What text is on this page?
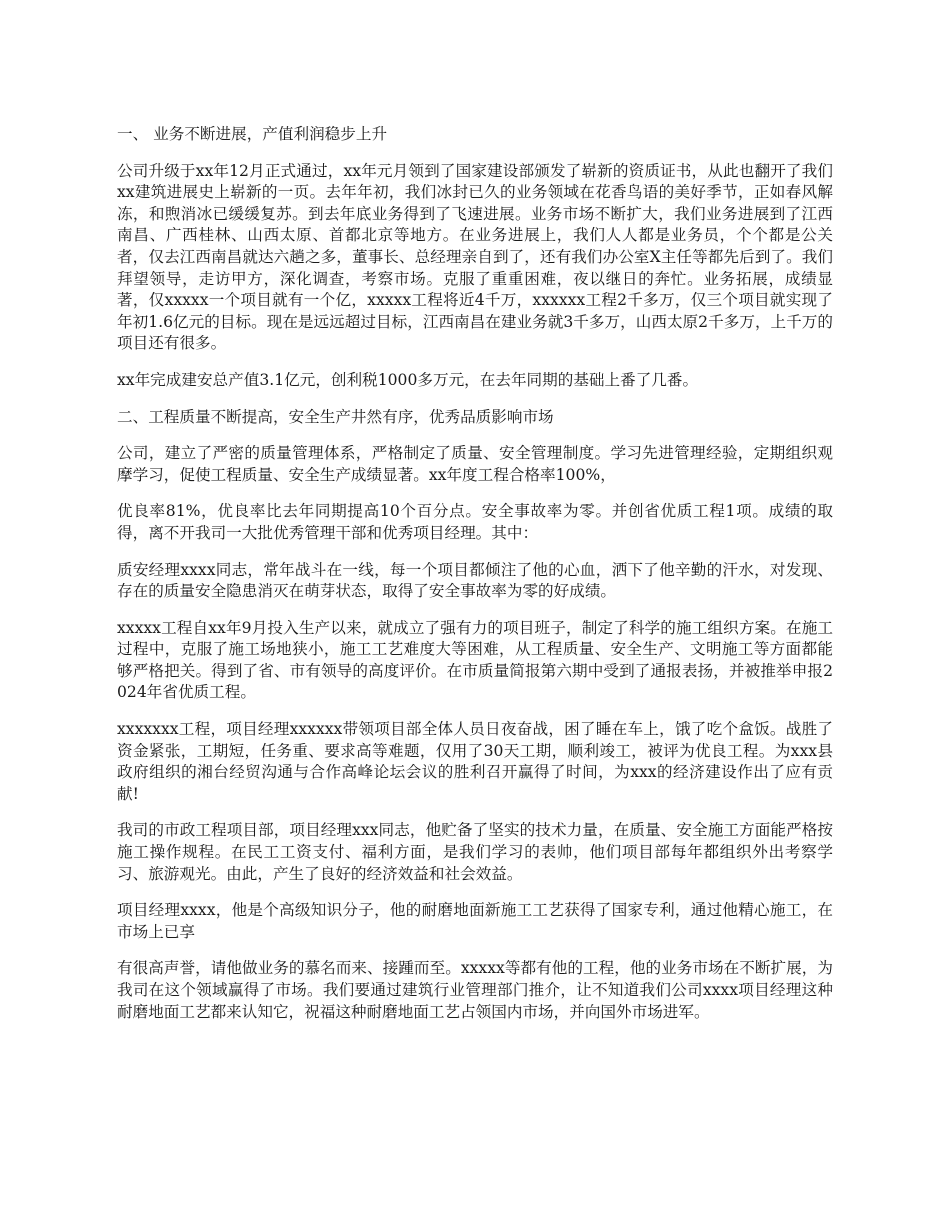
一、 业务不断进展，产值利润稳步上升

公司升级于xx年12月正式通过，xx年元月领到了国家建设部颁发了崭新的资质证书，从此也翻开了我们xx建筑进展史上崭新的一页。去年年初，我们冰封已久的业务领域在花香鸟语的美好季节，正如春风解冻，和煦消冰已缓缓复苏。到去年底业务得到了飞速进展。业务市场不断扩大，我们业务进展到了江西南昌、广西桂林、山西太原、首都北京等地方。在业务进展上，我们人人都是业务员，个个都是公关者，仅去江西南昌就达六趟之多，董事长、总经理亲自到了，还有我们办公室X主任等都先后到了。我们拜望领导，走访甲方，深化调查，考察市场。克服了重重困难，夜以继日的奔忙。业务拓展，成绩显著，仅xxxxx一个项目就有一个亿，xxxxx工程将近4千万，xxxxxx工程2千多万，仅三个项目就实现了年初1.6亿元的目标。现在是远远超过目标，江西南昌在建业务就3千多万，山西太原2千多万，上千万的项目还有很多。

xx年完成建安总产值3.1亿元，创利税1000多万元，在去年同期的基础上番了几番。

二、工程质量不断提高，安全生产井然有序，优秀品质影响市场

公司，建立了严密的质量管理体系，严格制定了质量、安全管理制度。学习先进管理经验，定期组织观摩学习，促使工程质量、安全生产成绩显著。xx年度工程合格率100%，

优良率81%，优良率比去年同期提高10个百分点。安全事故率为零。并创省优质工程1项。成绩的取得，离不开我司一大批优秀管理干部和优秀项目经理。其中：

质安经理xxxx同志，常年战斗在一线，每一个项目都倾注了他的心血，洒下了他辛勤的汗水，对发现、存在的质量安全隐患消灭在萌芽状态，取得了安全事故率为零的好成绩。

xxxxx工程自xx年9月投入生产以来，就成立了强有力的项目班子，制定了科学的施工组织方案。在施工过程中，克服了施工场地狭小，施工工艺难度大等困难，从工程质量、安全生产、文明施工等方面都能够严格把关。得到了省、市有领导的高度评价。在市质量简报第六期中受到了通报表扬，并被推举申报2024年省优质工程。

xxxxxxx工程，项目经理xxxxxx带领项目部全体人员日夜奋战，困了睡在车上，饿了吃个盒饭。战胜了资金紧张，工期短，任务重、要求高等难题，仅用了30天工期，顺利竣工，被评为优良工程。为xxx县政府组织的湘台经贸沟通与合作高峰论坛会议的胜利召开赢得了时间，为xxx的经济建设作出了应有贡献!

我司的市政工程项目部，项目经理xxx同志，他贮备了坚实的技术力量，在质量、安全施工方面能严格按施工操作规程。在民工工资支付、福利方面，是我们学习的表帅，他们项目部每年都组织外出考察学习、旅游观光。由此，产生了良好的经济效益和社会效益。

项目经理xxxx，他是个高级知识分子，他的耐磨地面新施工工艺获得了国家专利，通过他精心施工，在市场上已享

有很高声誉，请他做业务的慕名而来、接踵而至。xxxxx等都有他的工程，他的业务市场在不断扩展，为我司在这个领域赢得了市场。我们要通过建筑行业管理部门推介，让不知道我们公司xxxx项目经理这种耐磨地面工艺都来认知它，祝福这种耐磨地面工艺占领国内市场，并向国外市场进军。
